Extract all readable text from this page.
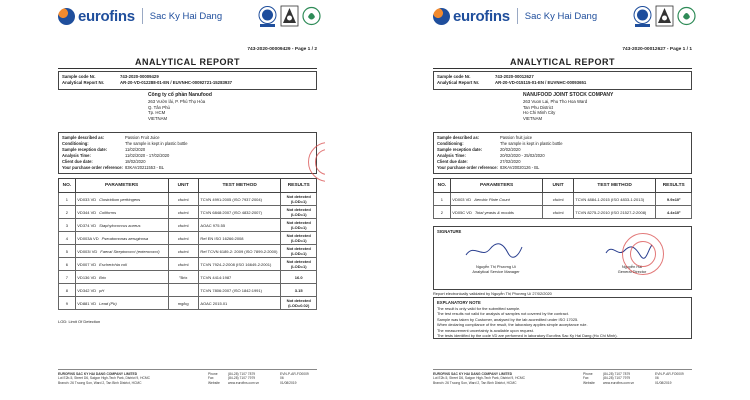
eurofins Sac Ky Hai Dang
743-2020-00009429 - Page 1 / 2
ANALYTICAL REPORT
Sample code Nr.	743-2020-00009429
Analytical Report Nr.	AR-20-VD-012288-01-EN / EUVNHC-00092721-15283937
Công ty cổ phần Nanufood
263 Vườn lài, P. Phú Thọ Hòa
Q. Tân Phú
Tp. HCM
VIETNAM
Sample described as:	Passion Fruit Juice
Conditioning:	The sample is kept in plastic bottle
Sample reception date:	11/02/2020
Analysis Time:	11/02/2020 - 17/02/2020
Client due date:	18/02/2020
Your purchase order reference: 83KAV20211553 - BL
NO.	PARAMETERS	UNIT	TEST METHOD	RESULTS
1	VD033 VD Clostridium perfringens	cfu/ml	TCVN 4991:2005 (ISO 7937:2004)	Not detected (LOD=1)
2	VD344 VD Coliforms	cfu/ml	TCVN 6848:2007 (ISO 4832:2007)	Not detected (LOD=1)
3	VD374 VD Staphylococcus aureus	cfu/ml	AOAC 975.55	Not detected (LOD=1)
4	VD003A VD Pseudomonas aeruginosa	cfu/ml	Ref EN ISO 16266:2008	Not detected (LOD=1)
5	VD003I VD Faecal Streptococci (enterococci)	cfu/ml	Ref TCVN 6189-2: 2009 (ISO 7899-2:2000)	Not detected (LOD=1)
6	VD007 VD Escherichia coli	cfu/ml	TCVN 7924-2:2008 (ISO 16649-2:2001)	Not detected (LOD=1)
7	VD136 VD Brix	°Brix	TCVN 4414:1987	16.0
8	VD342 VD pH		TCVN 7806:2007 (ISO 1842:1991)	3.15
9	VD881 VD Lead (Pb)	mg/kg	AOAC 2015.01	Not detected (LOD=0.02)
LOD: Limit Of Detection
EUROFINS SAC KY HAI DANG COMPANY LIMITED
Lot E2b-5, Street D6, Saigon High-Tech Park, District 9, HCMC
Branch: 26 Truong Son, Ward 2, Tan Binh District, HCMC
Phone
Fax
Website
(84-28) 7107 7879
(84-28) 7107 7979
www.eurofins.com.vn
EVN-P-AR-FO0009
06
01/08/2019
eurofins Sac Ky Hai Dang
743-2020-00012627 - Page 1 / 1
ANALYTICAL REPORT
Sample code Nr.	743-2020-00012627
Analytical Report Nr.	AR-20-VD-015115-01-EN / EUVNHC-00093651
NANUFOOD JOINT STOCK COMPANY
263 Vuon Lai, Phu Tho Hoa Ward
Tan Phu District
Ho Chi Minh City
VIETNAM
Sample described as:	Passion fruit juice
Conditioning:	The sample is kept in plastic bottle
Sample reception date:	20/02/2020
Analysis Time:	20/02/2020 - 25/02/2020
Client due date:	27/02/2020
Your purchase order reference: 83KAV20020126 - BL
NO.	PARAMETERS	UNIT	TEST METHOD	RESULTS
1	VD003 VD Aerobic Plate Count	cfu/ml	TCVN 4884-1:2015 (ISO 4833-1:2013)	9.9x10²
2	VD05C VD Total yeasts & moulds	cfu/ml	TCVN 8275-2:2010 (ISO 21527-2:2008)	4.4x10²
SIGNATURE
Nguyễn Thị Phương Uí
Analytical Service Manager
Nguyễn Hải
General Director
Report electronically validated by Nguyễn Thị Phương Uí 27/02/2020
EXPLANATORY NOTE
The result is only valid for the submitted sample.
The test results not valid for analysis of samples not covered by the contract.
Sample was taken by Customer, analysed by the lab accredited under ISO 17025.
When declaring compliance of the result, the laboratory applies simple acceptance rule.
The measurement uncertainty is available upon request.
The tests identified by the code VD are performed in laboratory Eurofins Sac Ky Hai Dang (Ho Chi Minh).
EUROFINS SAC KY HAI DANG COMPANY LIMITED
Lot E2b-5, Street D6, Saigon High-Tech Park, District 9, HCMC
Branch: 26 Truong Son, Ward 2, Tan Binh District, HCMC
Phone
Fax
Website
(84-28) 7107 7879
(84-28) 7107 7979
www.eurofins.com.vn
EVN-P-AR-FO0009
06
01/08/2019
